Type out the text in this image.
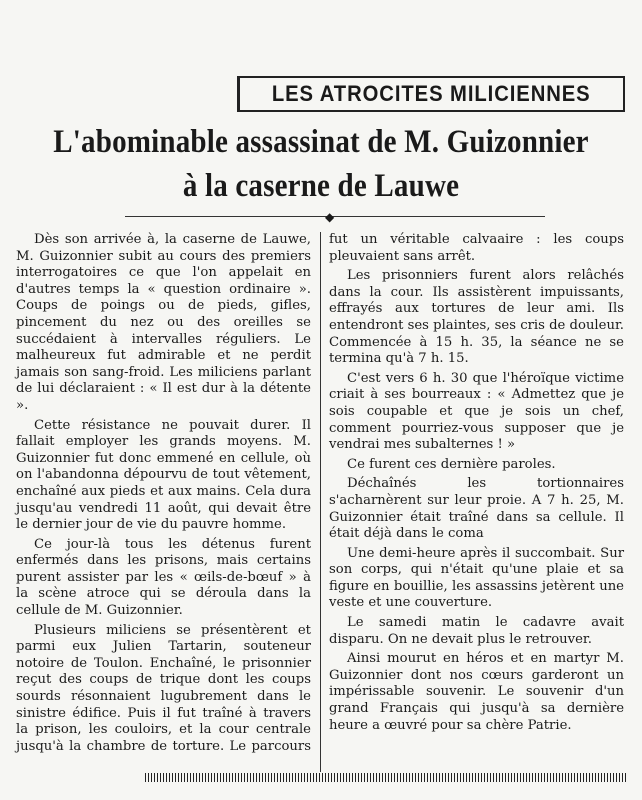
LES ATROCITES MILICIENNES
L'abominable assassinat de M. Guizonnier
à la caserne de Lauwe
◆

Dès son arrivée à, la caserne de Lauwe, M. Guizonnier subit au cours des premiers interrogatoires ce que l'on appelait en d'autres temps la « question ordinaire ». Coups de poings ou de pieds, gifles, pincement du nez ou des oreilles se succédaient à intervalles réguliers. Le malheureux fut admirable et ne perdit jamais son sang-froid. Les miliciens parlant de lui déclaraient : « Il est dur à la détente ».

Cette résistance ne pouvait durer. Il fallait employer les grands moyens. M. Guizonnier fut donc emmené en cellule, où on l'abandonna dépourvu de tout vêtement, enchaîné aux pieds et aux mains. Cela dura jusqu'au vendredi 11 août, qui devait être le dernier jour de vie du pauvre homme.

Ce jour-là tous les détenus furent enfermés dans les prisons, mais certains purent assister par les « œils-de-bœuf » à la scène atroce qui se déroula dans la cellule de M. Guizonnier.

Plusieurs miliciens se présentèrent et parmi eux Julien Tartarin, souteneur notoire de Toulon. Enchaîné, le prisonnier reçut des coups de trique dont les coups sourds résonnaient lugubrement dans le sinistre édifice. Puis il fut traîné à travers la prison, les couloirs, et la cour centrale jusqu'à la chambre de torture. Le parcours fut un véritable calvaaire : les coups pleuvaient sans arrêt.

Les prisonniers furent alors relâchés dans la cour. Ils assistèrent impuissants, effrayés aux tortures de leur ami. Ils entendront ses plaintes, ses cris de douleur. Commencée à 15 h. 35, la séance ne se termina qu'à 7 h. 15.

C'est vers 6 h. 30 que l'héroïque victime criait à ses bourreaux : « Admettez que je sois coupable et que je sois un chef, comment pourriez-vous supposer que je vendrai mes subalternes ! »

Ce furent ces dernière paroles.

Déchaînés les tortionnaires s'acharnèrent sur leur proie. A 7 h. 25, M. Guizonnier était traîné dans sa cellule. Il était déjà dans le coma

Une demi-heure après il succombait. Sur son corps, qui n'était qu'une plaie et sa figure en bouillie, les assassins jetèrent une veste et une couverture.

Le samedi matin le cadavre avait disparu. On ne devait plus le retrouver.

Ainsi mourut en héros et en martyr M. Guizonnier dont nos cœurs garderont un impérissable souvenir. Le souvenir d'un grand Français qui jusqu'à sa dernière heure a œuvré pour sa chère Patrie.
